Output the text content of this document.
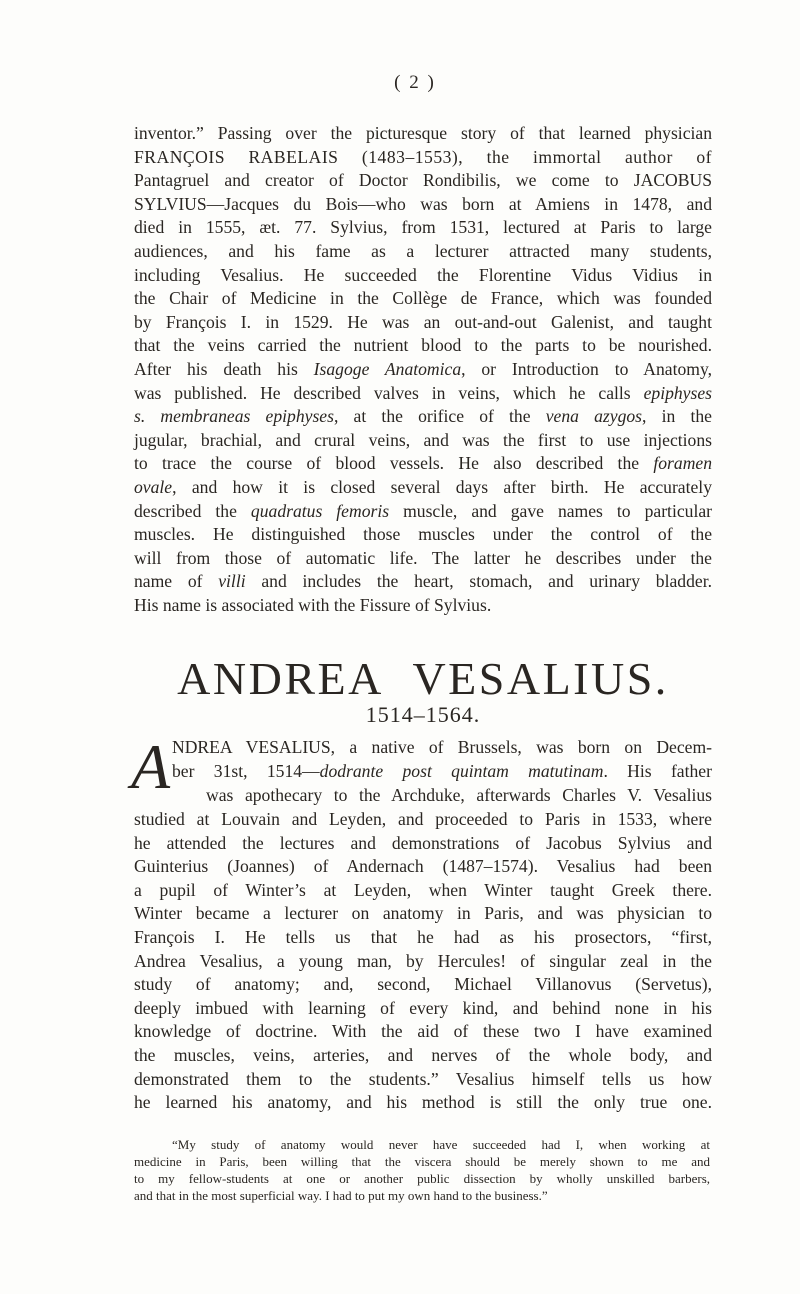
( 2 )
inventor.” Passing over the picturesque story of that learned physician
FRANÇOIS RABELAIS (1483–1553), the immortal author of
Pantagruel and creator of Doctor Rondibilis, we come to JACOBUS
SYLVIUS—Jacques du Bois—who was born at Amiens in 1478, and
died in 1555, æt. 77. Sylvius, from 1531, lectured at Paris to large
audiences, and his fame as a lecturer attracted many students,
including Vesalius. He succeeded the Florentine Vidus Vidius in
the Chair of Medicine in the Collège de France, which was founded
by François I. in 1529. He was an out-and-out Galenist, and taught
that the veins carried the nutrient blood to the parts to be nourished.
After his death his Isagoge Anatomica, or Introduction to Anatomy,
was published. He described valves in veins, which he calls epiphyses
s. membraneas epiphyses, at the orifice of the vena azygos, in the
jugular, brachial, and crural veins, and was the first to use injections
to trace the course of blood vessels. He also described the foramen
ovale, and how it is closed several days after birth. He accurately
described the quadratus femoris muscle, and gave names to particular
muscles. He distinguished those muscles under the control of the
will from those of automatic life. The latter he describes under the
name of villi and includes the heart, stomach, and urinary bladder.
His name is associated with the Fissure of Sylvius.
ANDREA VESALIUS.
1514–1564.
A NDREA VESALIUS, a native of Brussels, was born on Decem-
ber 31st, 1514—dodrante post quintam matutinam. His father
was apothecary to the Archduke, afterwards Charles V. Vesalius
studied at Louvain and Leyden, and proceeded to Paris in 1533, where
he attended the lectures and demonstrations of Jacobus Sylvius and
Guinterius (Joannes) of Andernach (1487–1574). Vesalius had been
a pupil of Winter’s at Leyden, when Winter taught Greek there.
Winter became a lecturer on anatomy in Paris, and was physician to
François I. He tells us that he had as his prosectors, “first,
Andrea Vesalius, a young man, by Hercules! of singular zeal in the
study of anatomy; and, second, Michael Villanovus (Servetus),
deeply imbued with learning of every kind, and behind none in his
knowledge of doctrine. With the aid of these two I have examined
the muscles, veins, arteries, and nerves of the whole body, and
demonstrated them to the students.” Vesalius himself tells us how
he learned his anatomy, and his method is still the only true one.
“My study of anatomy would never have succeeded had I, when working at
medicine in Paris, been willing that the viscera should be merely shown to me and
to my fellow-students at one or another public dissection by wholly unskilled barbers,
and that in the most superficial way. I had to put my own hand to the business.”
